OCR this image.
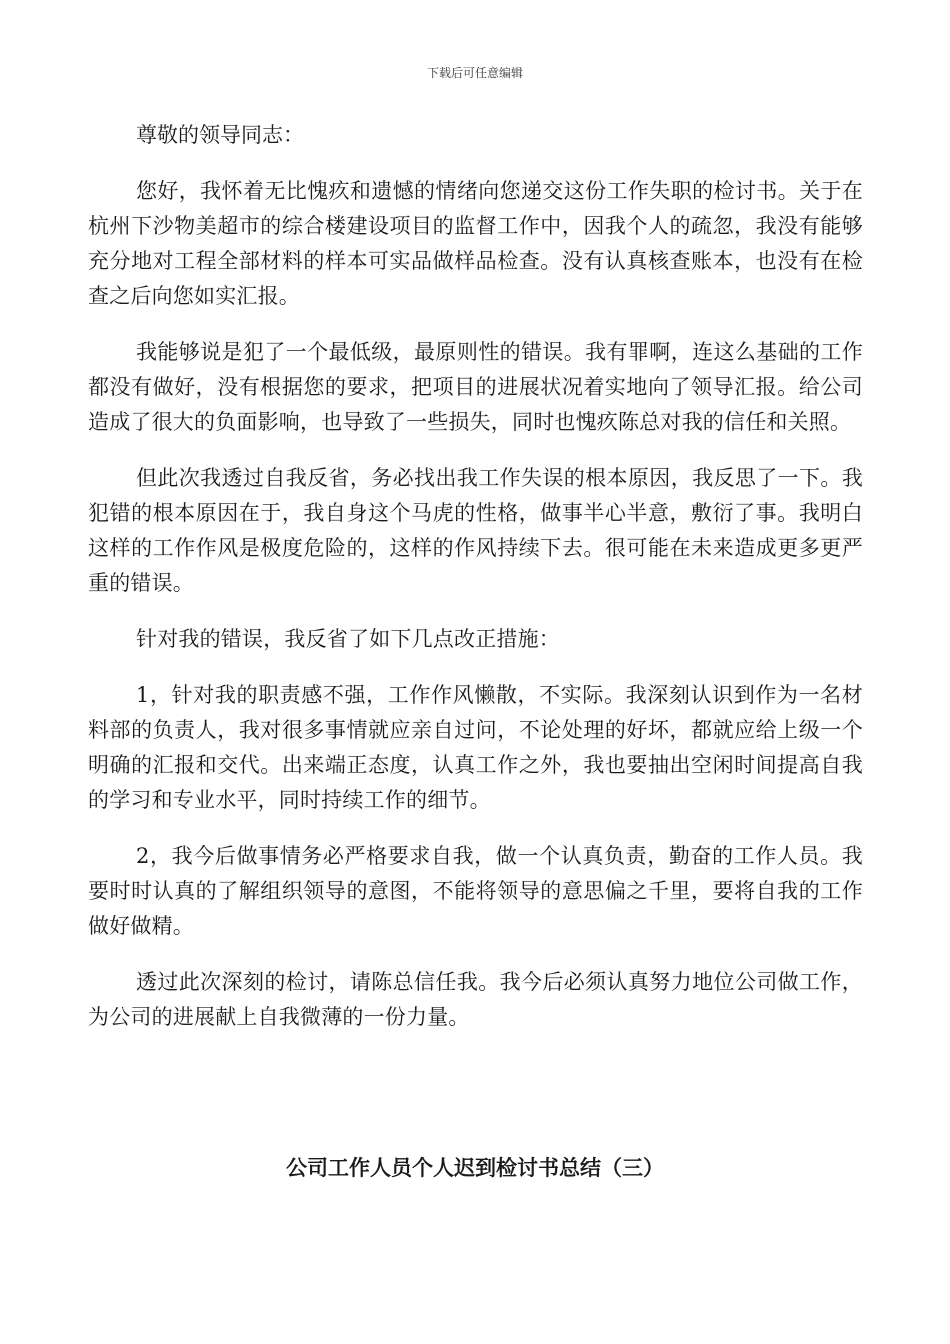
下载后可任意编辑

尊敬的领导同志：

您好，我怀着无比愧疚和遗憾的情绪向您递交这份工作失职的检讨书。关于在杭州下沙物美超市的综合楼建设项目的监督工作中，因我个人的疏忽，我没有能够充分地对工程全部材料的样本可实品做样品检查。没有认真核查账本，也没有在检查之后向您如实汇报。

我能够说是犯了一个最低级，最原则性的错误。我有罪啊，连这么基础的工作都没有做好，没有根据您的要求，把项目的进展状况着实地向了领导汇报。给公司造成了很大的负面影响，也导致了一些损失，同时也愧疚陈总对我的信任和关照。

但此次我透过自我反省，务必找出我工作失误的根本原因，我反思了一下。我犯错的根本原因在于，我自身这个马虎的性格，做事半心半意，敷衍了事。我明白这样的工作作风是极度危险的，这样的作风持续下去。很可能在未来造成更多更严重的错误。

针对我的错误，我反省了如下几点改正措施：

1，针对我的职责感不强，工作作风懒散，不实际。我深刻认识到作为一名材料部的负责人，我对很多事情就应亲自过问，不论处理的好坏，都就应给上级一个明确的汇报和交代。出来端正态度，认真工作之外，我也要抽出空闲时间提高自我的学习和专业水平，同时持续工作的细节。

2，我今后做事情务必严格要求自我，做一个认真负责，勤奋的工作人员。我要时时认真的了解组织领导的意图，不能将领导的意思偏之千里，要将自我的工作做好做精。

透过此次深刻的检讨，请陈总信任我。我今后必须认真努力地位公司做工作，为公司的进展献上自我微薄的一份力量。

公司工作人员个人迟到检讨书总结（三）
